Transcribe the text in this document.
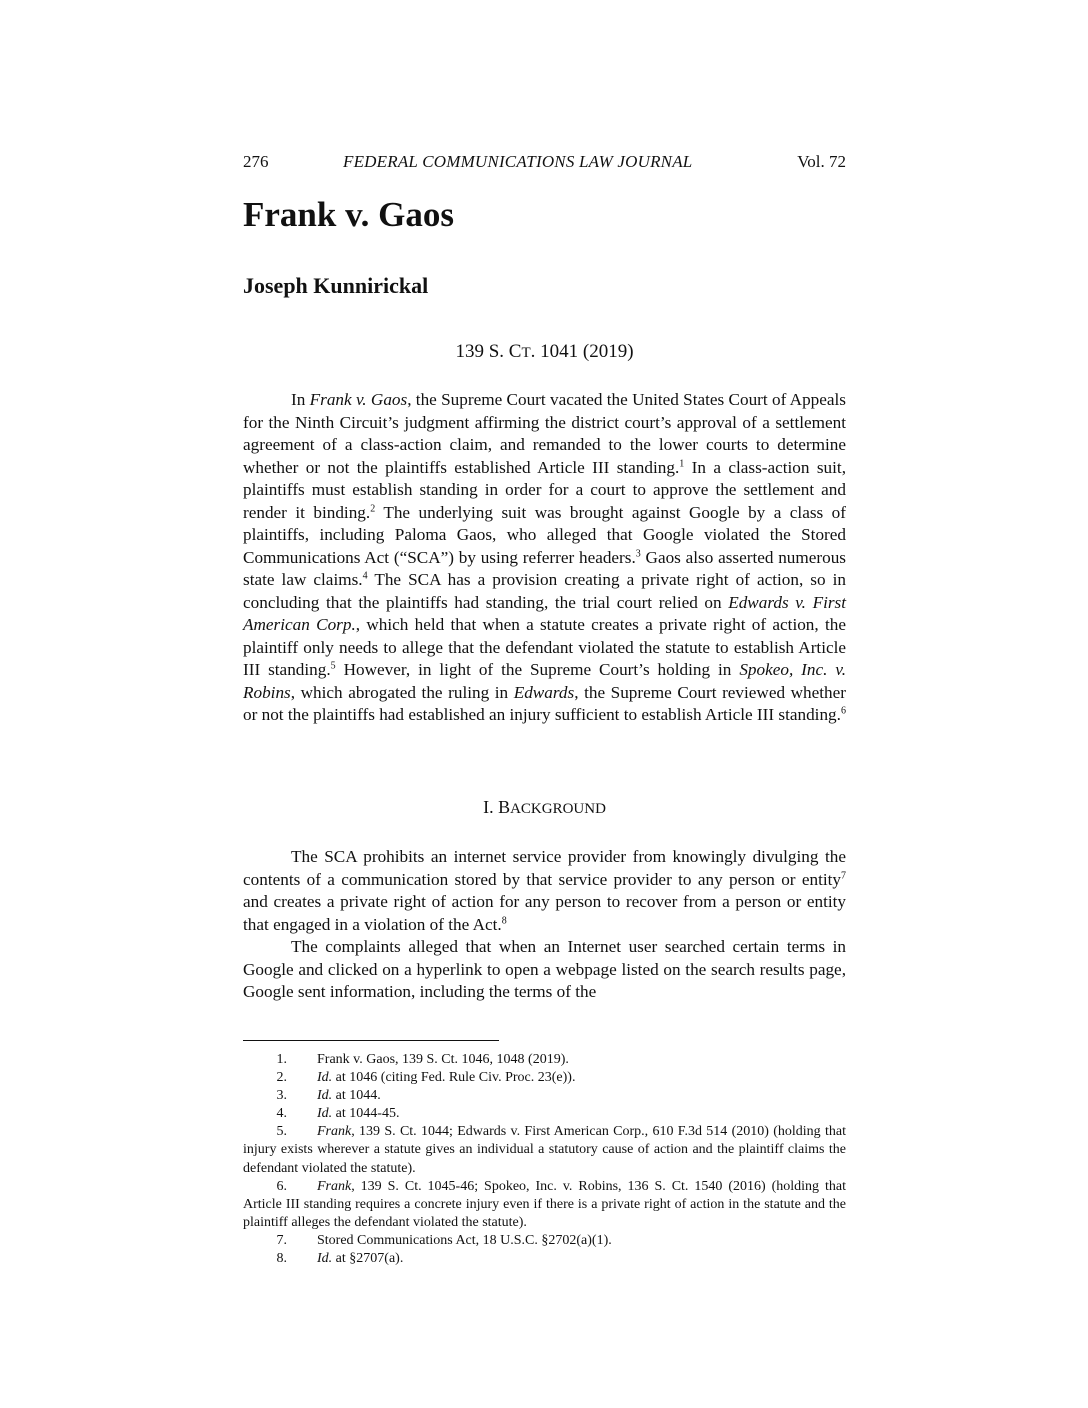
276	FEDERAL COMMUNICATIONS LAW JOURNAL	Vol. 72
Frank v. Gaos
Joseph Kunnirickal

139 S. CT. 1041 (2019)

In Frank v. Gaos, the Supreme Court vacated the United States Court of Appeals for the Ninth Circuit’s judgment affirming the district court’s approval of a settlement agreement of a class-action claim, and remanded to the lower courts to determine whether or not the plaintiffs established Article III standing.$^1$ In a class-action suit, plaintiffs must establish standing in order for a court to approve the settlement and render it binding.$^2$ The underlying suit was brought against Google by a class of plaintiffs, including Paloma Gaos, who alleged that Google violated the Stored Communications Act (“SCA”) by using referrer headers.$^3$ Gaos also asserted numerous state law claims.$^4$ The SCA has a provision creating a private right of action, so in concluding that the plaintiffs had standing, the trial court relied on Edwards v. First American Corp., which held that when a statute creates a private right of action, the plaintiff only needs to allege that the defendant violated the statute to establish Article III standing.$^5$ However, in light of the Supreme Court’s holding in Spokeo, Inc. v. Robins, which abrogated the ruling in Edwards, the Supreme Court reviewed whether or not the plaintiffs had established an injury sufficient to establish Article III standing.$^6$

I. BACKGROUND

The SCA prohibits an internet service provider from knowingly divulging the contents of a communication stored by that service provider to any person or entity$^7$ and creates a private right of action for any person to recover from a person or entity that engaged in a violation of the Act.$^8$

The complaints alleged that when an Internet user searched certain terms in Google and clicked on a hyperlink to open a webpage listed on the search results page, Google sent information, including the terms of the

1. Frank v. Gaos, 139 S. Ct. 1046, 1048 (2019).
2. Id. at 1046 (citing Fed. Rule Civ. Proc. 23(e)).
3. Id. at 1044.
4. Id. at 1044-45.
5. Frank, 139 S. Ct. 1044; Edwards v. First American Corp., 610 F.3d 514 (2010) (holding that injury exists wherever a statute gives an individual a statutory cause of action and the plaintiff claims the defendant violated the statute).
6. Frank, 139 S. Ct. 1045-46; Spokeo, Inc. v. Robins, 136 S. Ct. 1540 (2016) (holding that Article III standing requires a concrete injury even if there is a private right of action in the statute and the plaintiff alleges the defendant violated the statute).
7. Stored Communications Act, 18 U.S.C. §2702(a)(1).
8. Id. at §2707(a).
